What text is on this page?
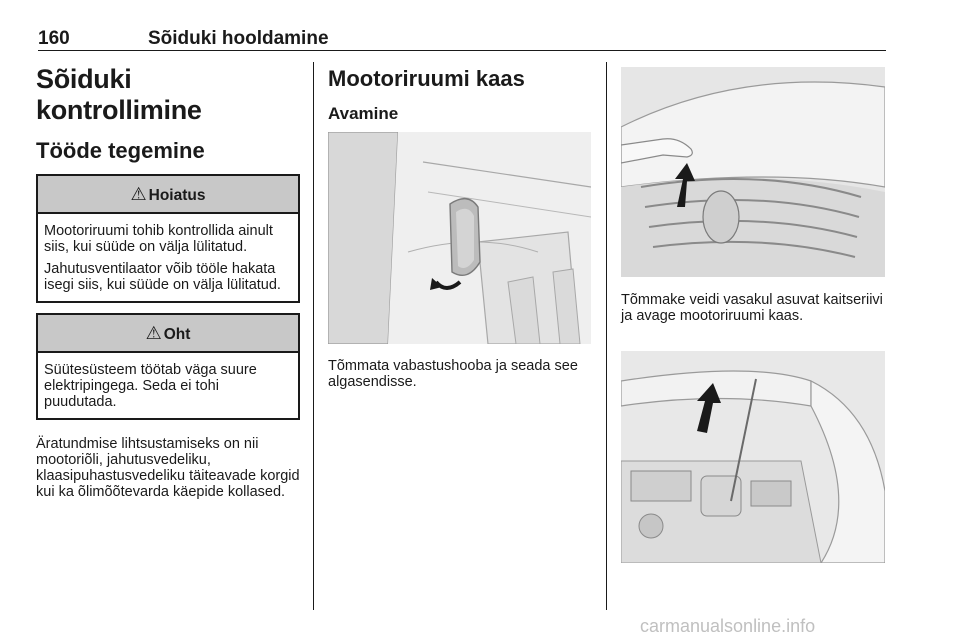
160	Sõiduki hooldamine
Sõiduki kontrollimine
Tööde tegemine
⚠ Hoiatus

Mootoriruumi tohib kontrollida ainult siis, kui süüde on välja lülitatud.

Jahutusventilaator võib tööle hakata isegi siis, kui süüde on välja lülitatud.

⚠ Oht

Süütesüsteem töötab väga suure elektripingega. Seda ei tohi puudutada.

Äratundmise lihtsustamiseks on nii mootoriõli, jahutusvedeliku, klaasipuhastusvedeliku täiteavade korgid kui ka õlimõõtevarda käepide kollased.
Mootoriruumi kaas
Avamine
Tõmmata vabastushooba ja seada see algasendisse.
Tõmmake veidi vasakul asuvat kaitseriivi ja avage mootoriruumi kaas.
carmanualsonline.info
